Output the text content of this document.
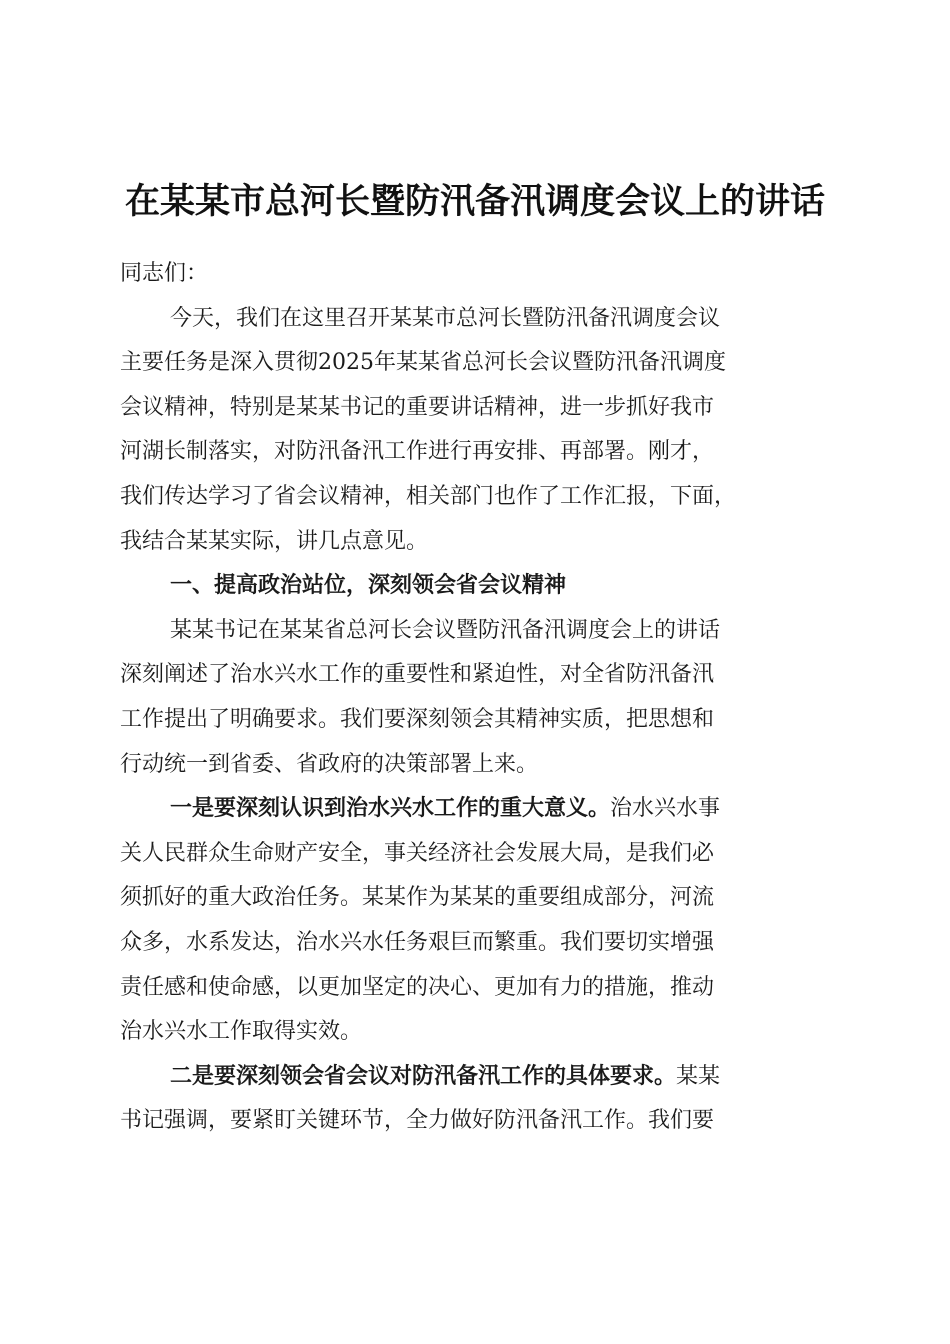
在某某市总河长暨防汛备汛调度会议上的讲话
同志们：
今天，我们在这里召开某某市总河长暨防汛备汛调度会议
主要任务是深入贯彻2025年某某省总河长会议暨防汛备汛调度
会议精神，特别是某某书记的重要讲话精神，进一步抓好我市
河湖长制落实，对防汛备汛工作进行再安排、再部署。刚才，
我们传达学习了省会议精神，相关部门也作了工作汇报，下面，
我结合某某实际，讲几点意见。
一、提高政治站位，深刻领会省会议精神
某某书记在某某省总河长会议暨防汛备汛调度会上的讲话
深刻阐述了治水兴水工作的重要性和紧迫性，对全省防汛备汛
工作提出了明确要求。我们要深刻领会其精神实质，把思想和
行动统一到省委、省政府的决策部署上来。
一是要深刻认识到治水兴水工作的重大意义。 治水兴水事
关人民群众生命财产安全，事关经济社会发展大局，是我们必
须抓好的重大政治任务。某某作为某某的重要组成部分，河流
众多，水系发达，治水兴水任务艰巨而繁重。我们要切实增强
责任感和使命感，以更加坚定的决心、更加有力的措施，推动
治水兴水工作取得实效。
二是要深刻领会省会议对防汛备汛工作的具体要求。 某某
书记强调，要紧盯关键环节，全力做好防汛备汛工作。我们要
